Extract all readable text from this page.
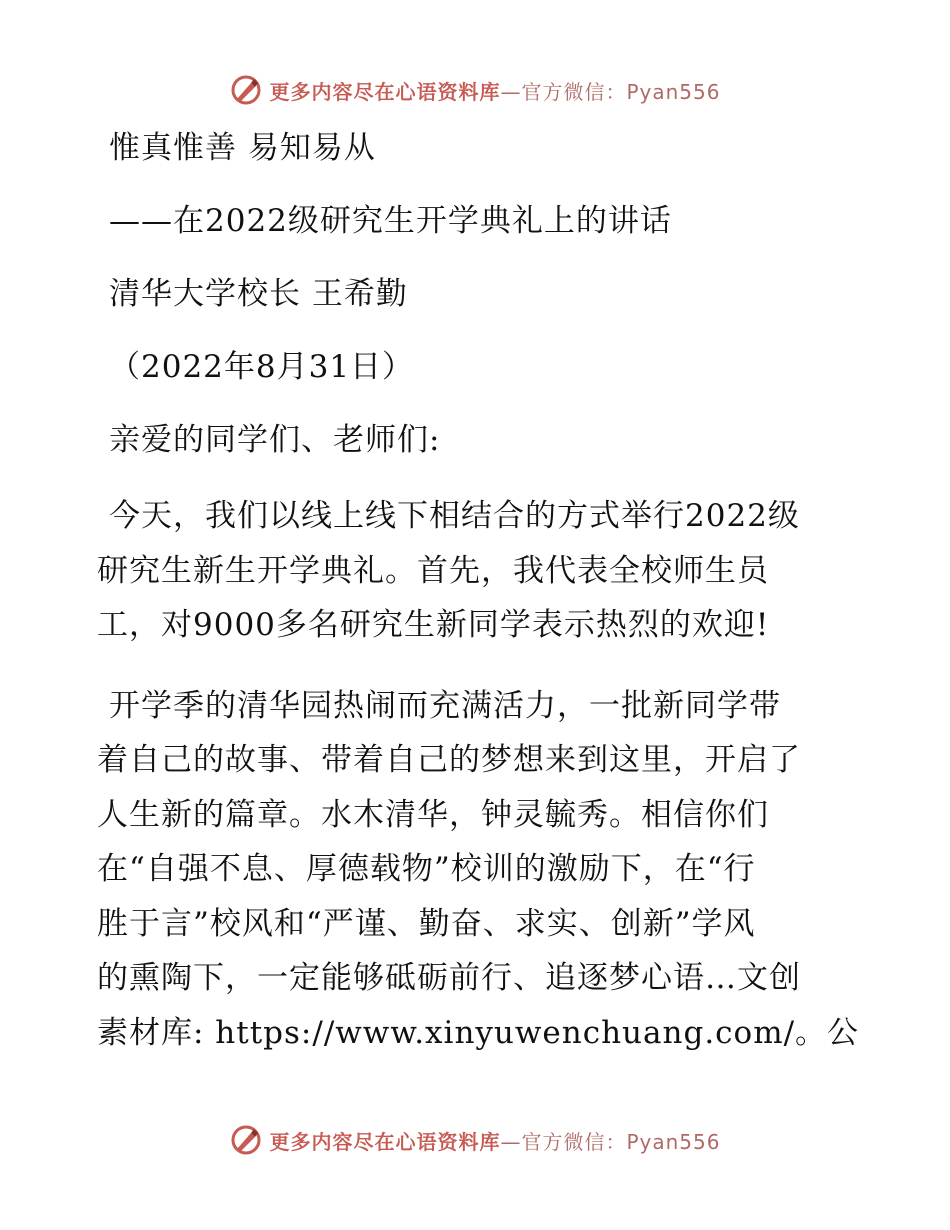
更多内容尽在心语资料库—官方微信：Pyan556
惟真惟善 易知易从
——在2022级研究生开学典礼上的讲话
清华大学校长 王希勤
（2022年8月31日）
亲爱的同学们、老师们:
今天，我们以线上线下相结合的方式举行2022级
研究生新生开学典礼。首先，我代表全校师生员
工，对9000多名研究生新同学表示热烈的欢迎!
开学季的清华园热闹而充满活力，一批新同学带
着自己的故事、带着自己的梦想来到这里，开启了
人生新的篇章。水木清华，钟灵毓秀。相信你们
在“自强不息、厚德载物”校训的激励下，在“行
胜于言”校风和“严谨、勤奋、求实、创新”学风
的熏陶下，一定能够砥砺前行、追逐梦心语…文创
素材库: https://www.xinyuwenchuang.com/。公
更多内容尽在心语资料库—官方微信：Pyan556
